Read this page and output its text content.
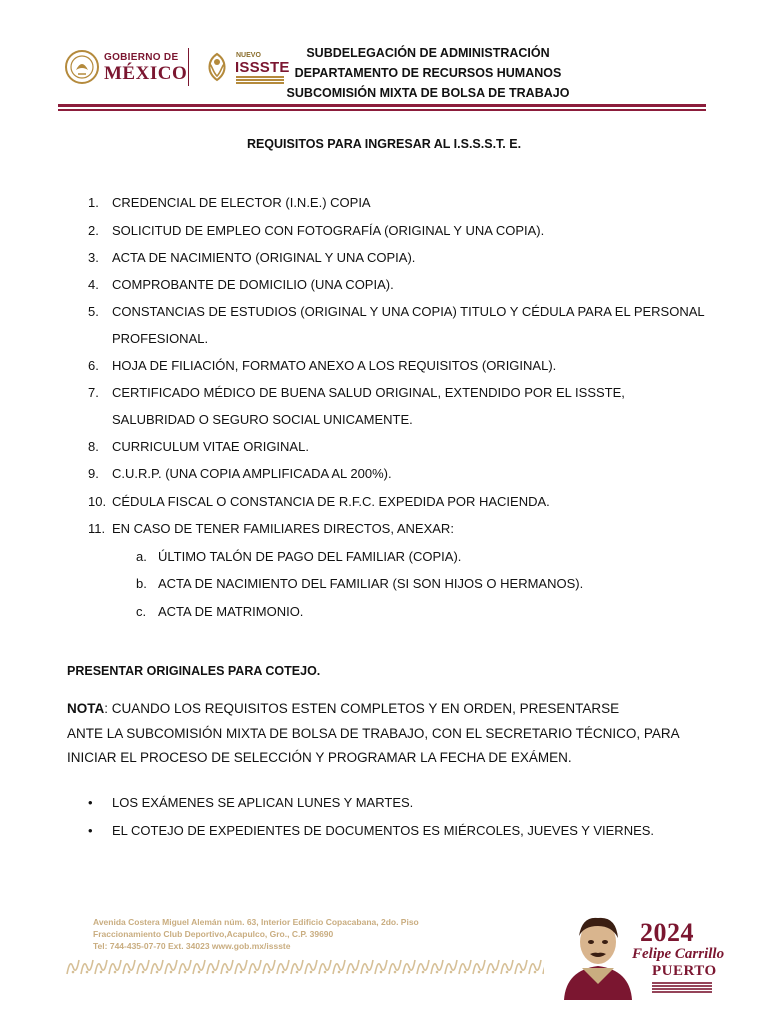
GOBIERNO DE
MÉXICO
NUEVO
ISSSTE
SUBDELEGACIÓN DE ADMINISTRACIÓN
DEPARTAMENTO DE RECURSOS HUMANOS
SUBCOMISIÓN MIXTA DE BOLSA DE TRABAJO
REQUISITOS PARA INGRESAR AL I.S.S.S.T. E.
1.	CREDENCIAL DE ELECTOR (I.N.E.) COPIA
2.	SOLICITUD DE EMPLEO CON FOTOGRAFÍA (ORIGINAL Y UNA COPIA).
3.	ACTA DE NACIMIENTO (ORIGINAL Y UNA COPIA).
4.	COMPROBANTE DE DOMICILIO (UNA COPIA).
5.	CONSTANCIAS DE ESTUDIOS (ORIGINAL Y UNA COPIA) TITULO Y CÉDULA PARA EL PERSONAL
PROFESIONAL.
6.	HOJA DE FILIACIÓN, FORMATO ANEXO A LOS REQUISITOS (ORIGINAL).
7.	CERTIFICADO MÉDICO DE BUENA SALUD ORIGINAL, EXTENDIDO POR EL ISSSTE,
SALUBRIDAD O SEGURO SOCIAL UNICAMENTE.
8.	CURRICULUM VITAE ORIGINAL.
9.	C.U.R.P. (UNA COPIA AMPLIFICADA AL 200%).
10. CÉDULA FISCAL O CONSTANCIA DE R.F.C. EXPEDIDA POR HACIENDA.
11. EN CASO DE TENER FAMILIARES DIRECTOS, ANEXAR:
a. ÚLTIMO TALÓN DE PAGO DEL FAMILIAR (COPIA).
b. ACTA DE NACIMIENTO DEL FAMILIAR (SI SON HIJOS O HERMANOS).
c. ACTA DE MATRIMONIO.
PRESENTAR ORIGINALES PARA COTEJO.
NOTA: CUANDO LOS REQUISITOS ESTEN COMPLETOS Y EN ORDEN, PRESENTARSE
ANTE LA SUBCOMISIÓN MIXTA DE BOLSA DE TRABAJO, CON EL SECRETARIO TÉCNICO, PARA
INICIAR EL PROCESO DE SELECCIÓN Y PROGRAMAR LA FECHA DE EXÁMEN.
• LOS EXÁMENES SE APLICAN LUNES Y MARTES.
• EL COTEJO DE EXPEDIENTES DE DOCUMENTOS ES MIÉRCOLES, JUEVES Y VIERNES.
Avenida Costera Miguel Alemán núm. 63, Interior Edificio Copacabana, 2do. Piso
Fraccionamiento Club Deportivo,Acapulco, Gro., C.P. 39690
Tel: 744-435-07-70 Ext. 34023 www.gob.mx/issste	2024
Felipe Carrillo
PUERTO
